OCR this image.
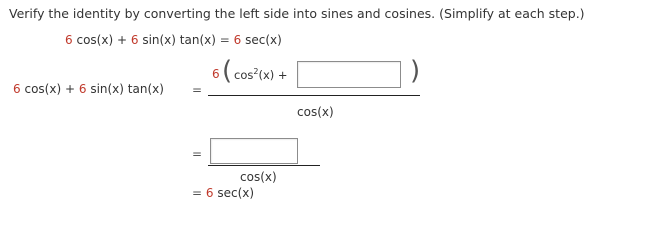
Verify the identity by converting the left side into sines and cosines. (Simplify at each step.)
6 cos(x) + 6 sin(x) tan(x) = 6 sec(x)
6 cos(x) + 6 sin(x) tan(x) =
6 ( $\cos^2(x)$ +	)
cos(x)
=
cos(x)
= 6 sec(x)
